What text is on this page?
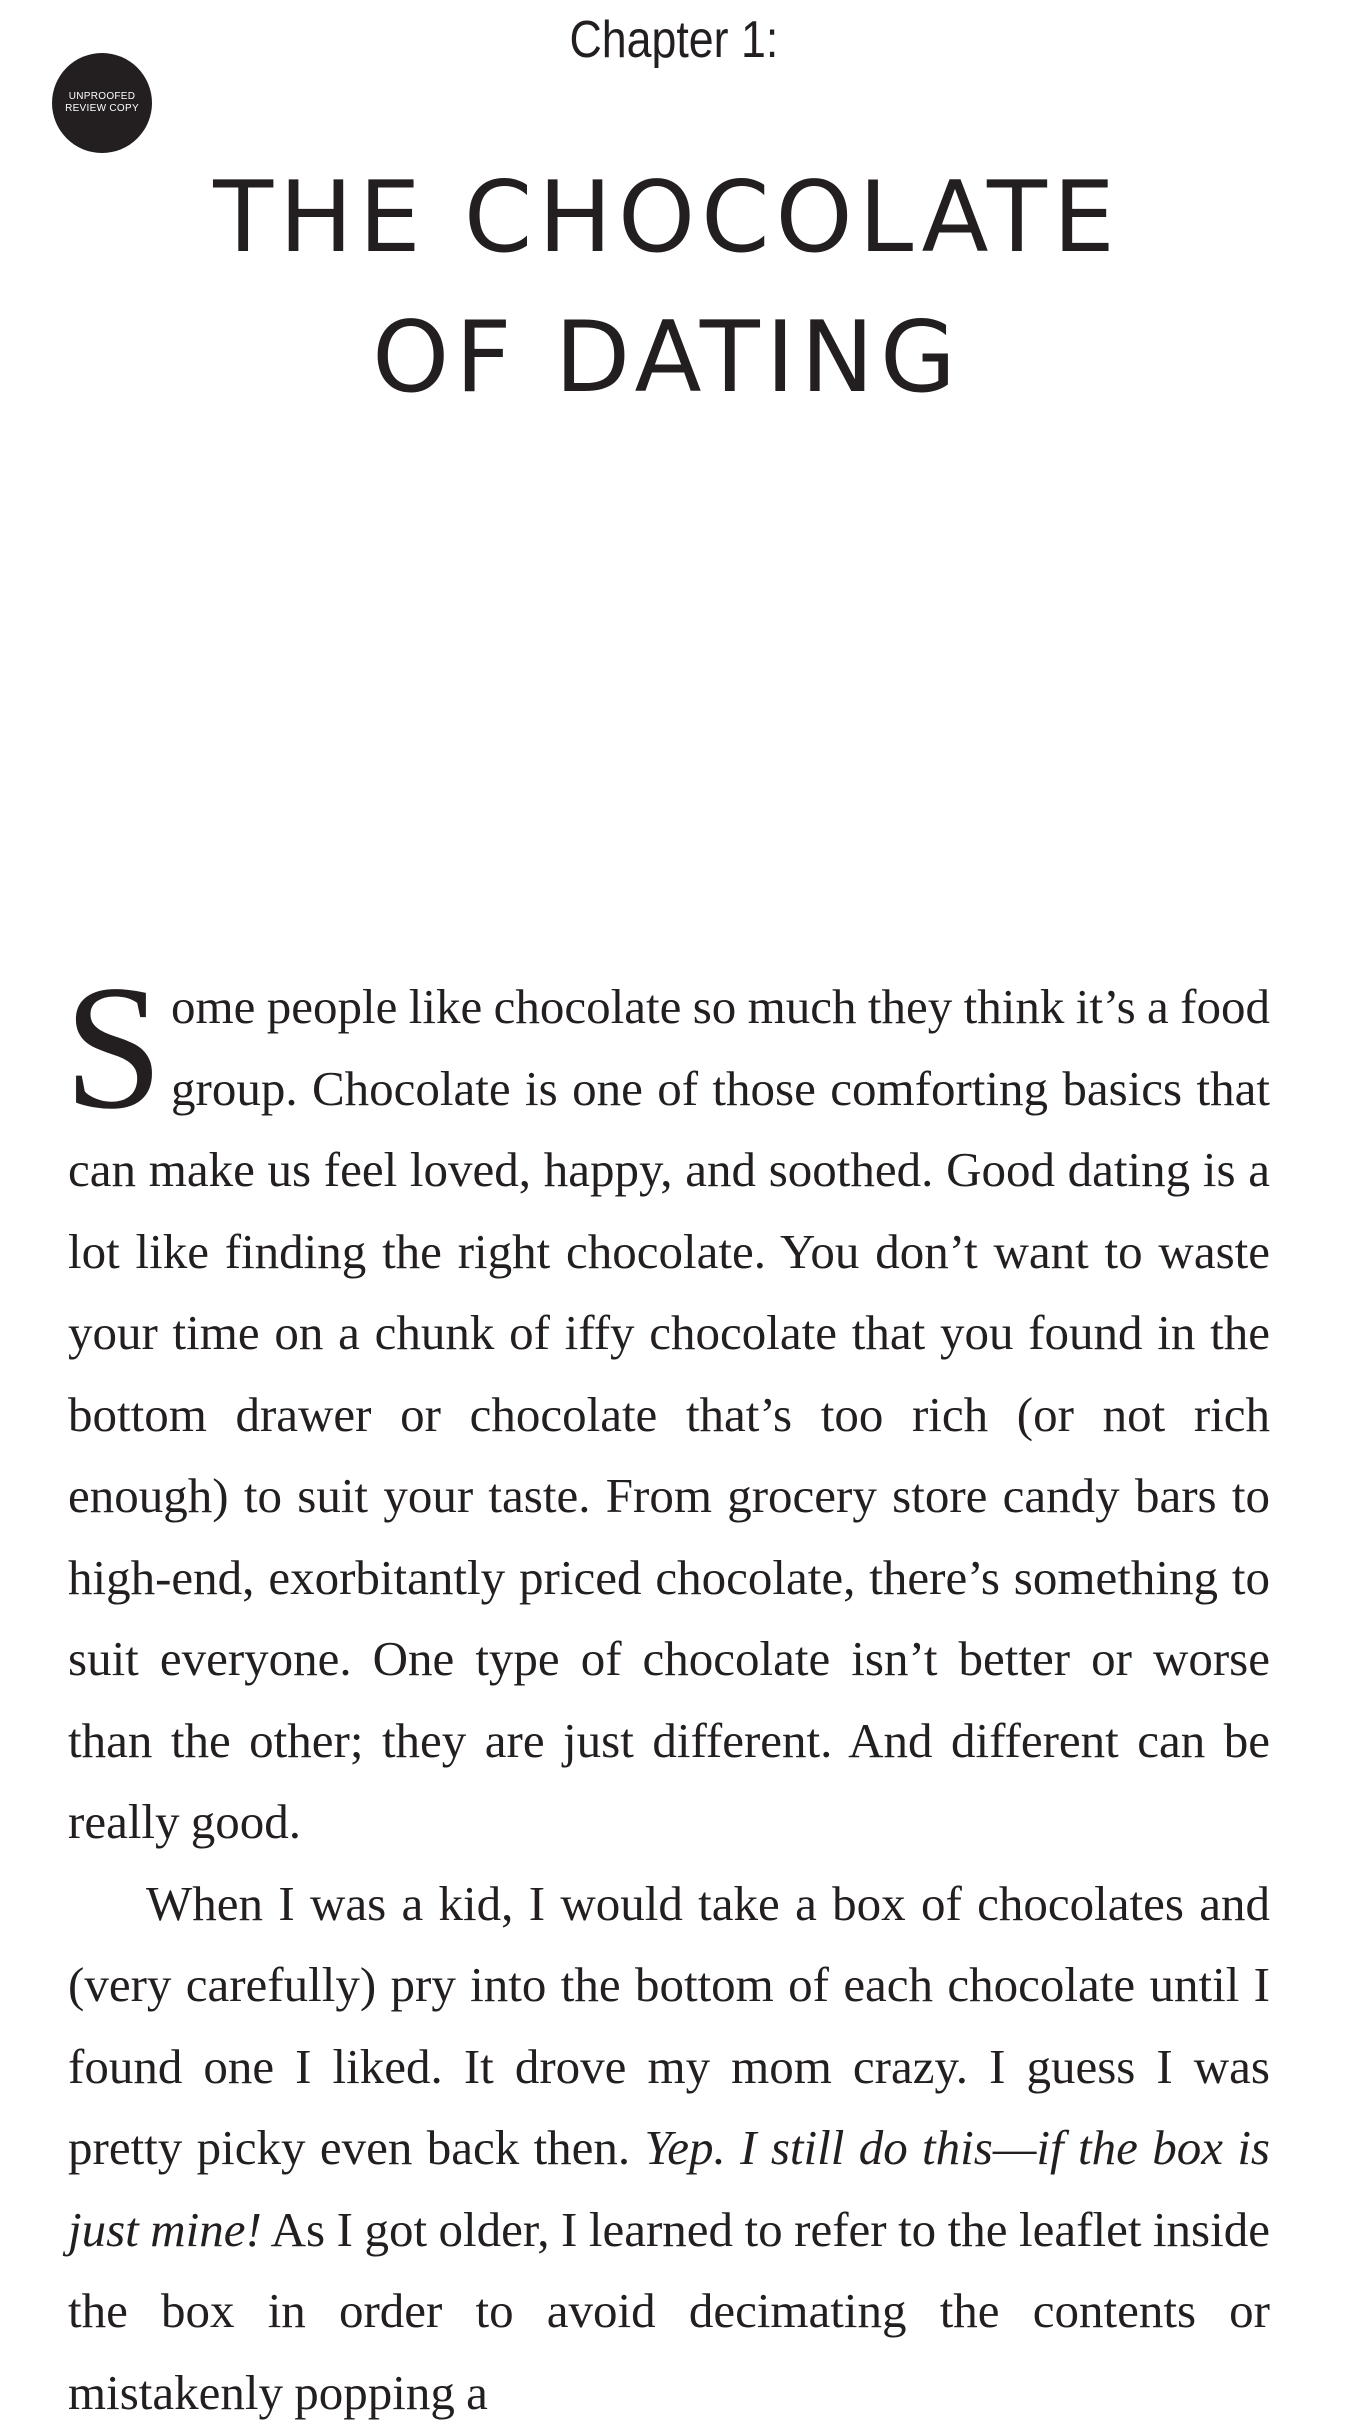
UNPROOFED
REVIEW COPY
Chapter 1:
THE CHOCOLATE
OF DATING

Some people like chocolate so much they think it’s a food group. Chocolate is one of those comforting basics that can make us feel loved, happy, and soothed. Good dating is a lot like finding the right chocolate. You don’t want to waste your time on a chunk of iffy chocolate that you found in the bottom drawer or chocolate that’s too rich (or not rich enough) to suit your taste. From grocery store candy bars to high-end, exorbitantly priced chocolate, there’s something to suit everyone. One type of chocolate isn’t better or worse than the other; they are just different. And different can be really good.

When I was a kid, I would take a box of chocolates and (very carefully) pry into the bottom of each chocolate until I found one I liked. It drove my mom crazy. I guess I was pretty picky even back then. Yep. I still do this—if the box is just mine! As I got older, I learned to refer to the leaflet inside the box in order to avoid decimating the contents or mistakenly popping a
